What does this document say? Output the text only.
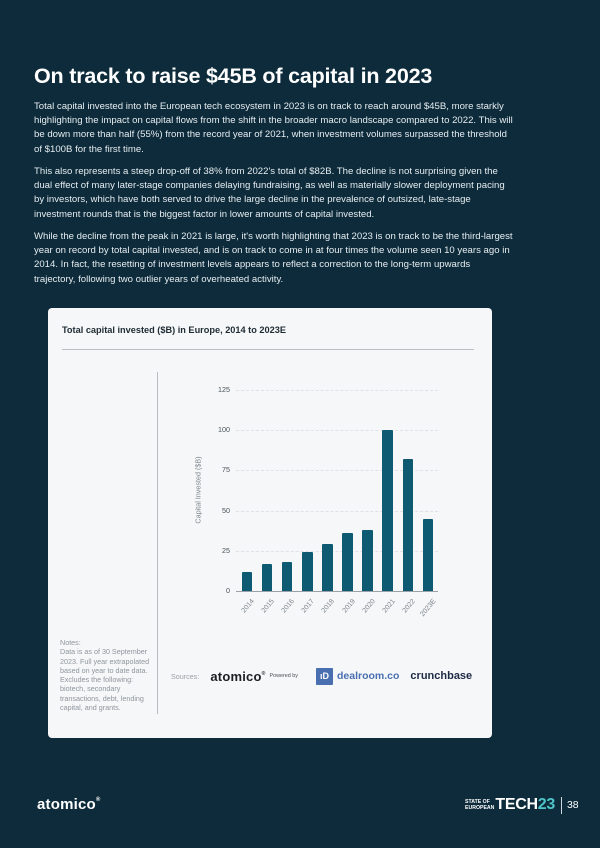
On track to raise $45B of capital in 2023

Total capital invested into the European tech ecosystem in 2023 is on track to reach around $45B, more starkly highlighting the impact on capital flows from the shift in the broader macro landscape compared to 2022. This will be down more than half (55%) from the record year of 2021, when investment volumes surpassed the threshold of $100B for the first time.

This also represents a steep drop-off of 38% from 2022's total of $82B. The decline is not surprising given the dual effect of many later-stage companies delaying fundraising, as well as materially slower deployment pacing by investors, which have both served to drive the large decline in the prevalence of outsized, late-stage investment rounds that is the biggest factor in lower amounts of capital invested.

While the decline from the peak in 2021 is large, it's worth highlighting that 2023 is on track to be the third-largest year on record by total capital invested, and is on track to come in at four times the volume seen 10 years ago in 2014. In fact, the resetting of investment levels appears to reflect a correction to the long-term upwards trajectory, following two outlier years of overheated activity.

Total capital invested ($B) in Europe, 2014 to 2023E
Capital Invested ($B)
0
25
50
75
100
125
2014 2015 2016 2017 2018 2019 2020 2021 2022 2023E
Notes:
Data is as of 30 September 2023. Full year extrapolated based on year to date data. Excludes the following: biotech, secondary transactions, debt, lending capital, and grants.
Sources: atomico® Powered by	ıD dealroom.co crunchbase
atomico®	STATE OF
EUROPEAN TECH 23 38
